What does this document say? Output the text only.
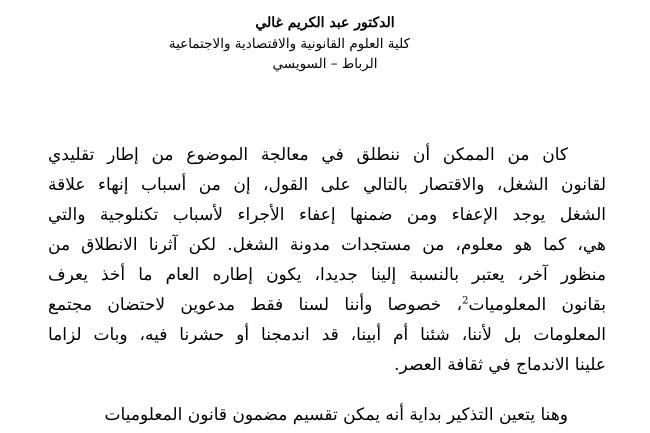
الدكتور عبد الكريم غالي

كلية العلوم القانونية والاقتصادية والاجتماعية

الرباط – السويسي

كان من الممكن أن ننطلق في معالجة الموضوع من إطار تقليدي
لقانون الشغل، والاقتصار بالتالي على القول، إن من أسباب إنهاء علاقة
الشغل يوجد الإعفاء ومن ضمنها إعفاء الأجراء لأسباب تكنلوجية والتي
هي، كما هو معلوم، من مستجدات مدونة الشغل. لكن آثرنا الانطلاق من
منظور آخر، يعتبر بالنسبة إلينا جديدا، يكون إطاره العام ما أخذ يعرف
بقانون المعلوميات$^2$، خصوصا وأننا لسنا فقط مدعوين لاحتضان مجتمع
المعلومات بل لأننا، شئنا أم أبينا، قد اندمجنا أو حشرنا فيه، وبات لزاما
علينا الاندماج في ثقافة العصر.
وهنا يتعين التذكير بداية أنه يمكن تقسيم مضمون قانون المعلوميات
